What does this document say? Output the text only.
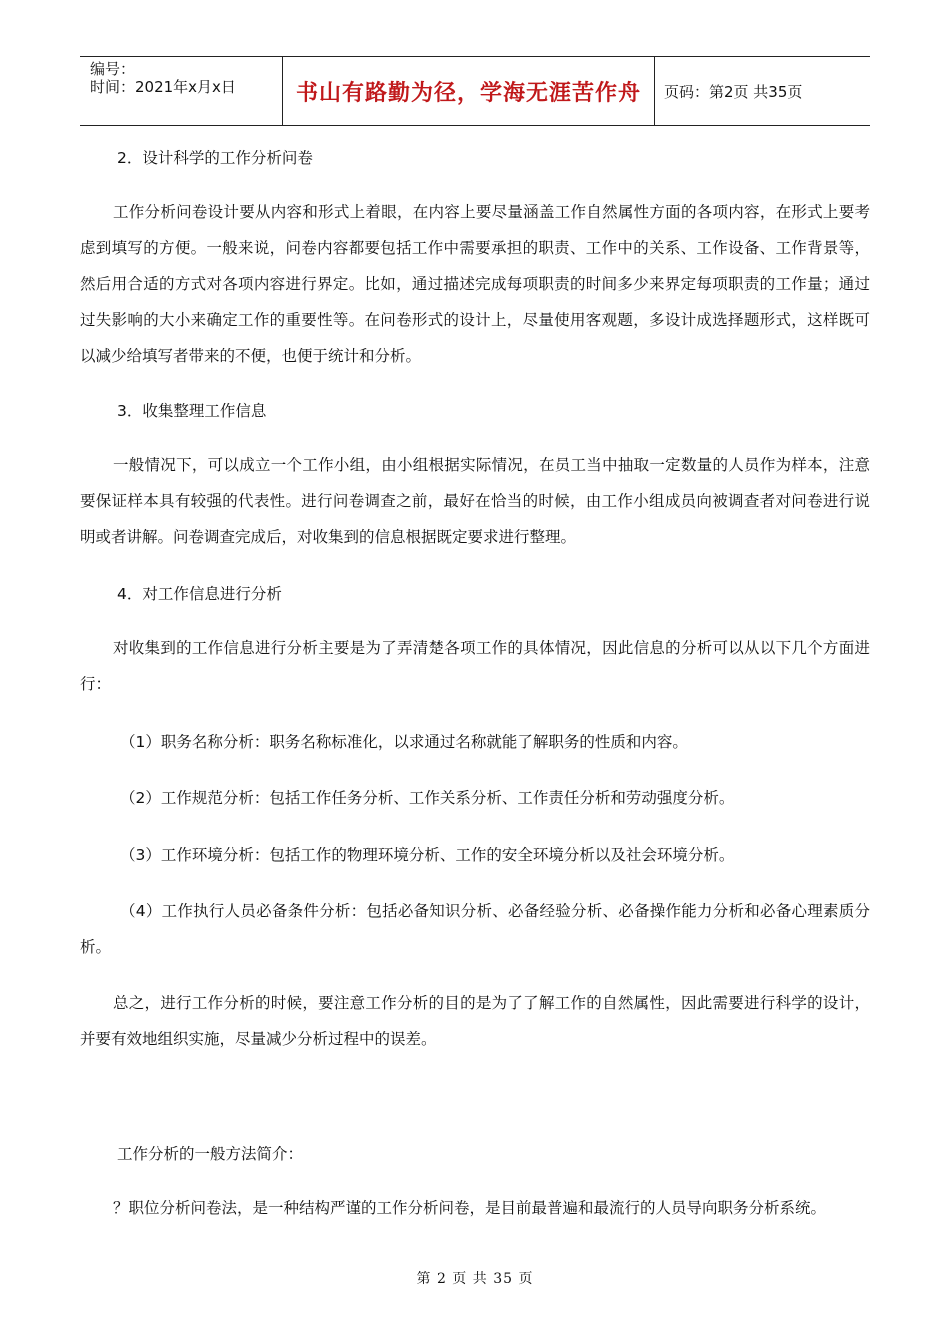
编号：
时间：2021年x月x日	书山有路勤为径，学海无涯苦作舟	页码：第2页 共35页
2．设计科学的工作分析问卷
工作分析问卷设计要从内容和形式上着眼，在内容上要尽量涵盖工作自然属性方面的各项内容，在形式上要考虑到填写的方便。一般来说，问卷内容都要包括工作中需要承担的职责、工作中的关系、工作设备、工作背景等，然后用合适的方式对各项内容进行界定。比如，通过描述完成每项职责的时间多少来界定每项职责的工作量；通过过失影响的大小来确定工作的重要性等。在问卷形式的设计上，尽量使用客观题，多设计成选择题形式，这样既可以减少给填写者带来的不便，也便于统计和分析。
3．收集整理工作信息
一般情况下，可以成立一个工作小组，由小组根据实际情况，在员工当中抽取一定数量的人员作为样本，注意要保证样本具有较强的代表性。进行问卷调查之前，最好在恰当的时候，由工作小组成员向被调查者对问卷进行说明或者讲解。问卷调查完成后，对收集到的信息根据既定要求进行整理。
4．对工作信息进行分析
对收集到的工作信息进行分析主要是为了弄清楚各项工作的具体情况，因此信息的分析可以从以下几个方面进行：
（1）职务名称分析：职务名称标准化，以求通过名称就能了解职务的性质和内容。
（2）工作规范分析：包括工作任务分析、工作关系分析、工作责任分析和劳动强度分析。
（3）工作环境分析：包括工作的物理环境分析、工作的安全环境分析以及社会环境分析。
（4）工作执行人员必备条件分析：包括必备知识分析、必备经验分析、必备操作能力分析和必备心理素质分析。
总之，进行工作分析的时候，要注意工作分析的目的是为了了解工作的自然属性，因此需要进行科学的设计，并要有效地组织实施，尽量减少分析过程中的误差。
工作分析的一般方法简介：
？职位分析问卷法，是一种结构严谨的工作分析问卷，是目前最普遍和最流行的人员导向职务分析系统。
第 2 页 共 35 页
